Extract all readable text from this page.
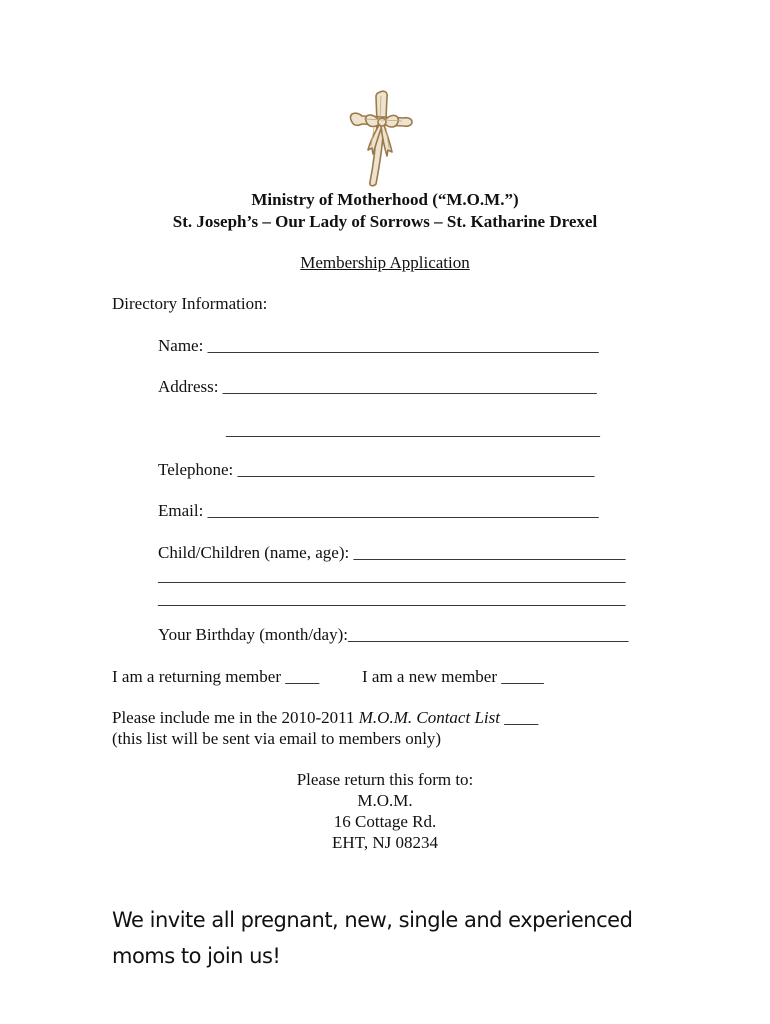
Ministry of Motherhood (“M.O.M.”)
St. Joseph’s – Our Lady of Sorrows – St. Katharine Drexel
Membership Application
Directory Information:
Name: ______________________________________________
Address: ____________________________________________
____________________________________________
Telephone: __________________________________________
Email: ______________________________________________
Child/Children (name, age): ________________________________
_______________________________________________________
_______________________________________________________
Your Birthday (month/day):_________________________________
I am a returning member ____	I am a new member _____
Please include me in the 2010-2011 M.O.M. Contact List ____
(this list will be sent via email to members only)
Please return this form to:
M.O.M.
16 Cottage Rd.
EHT, NJ 08234
We invite all pregnant, new, single and experienced moms to join us!
